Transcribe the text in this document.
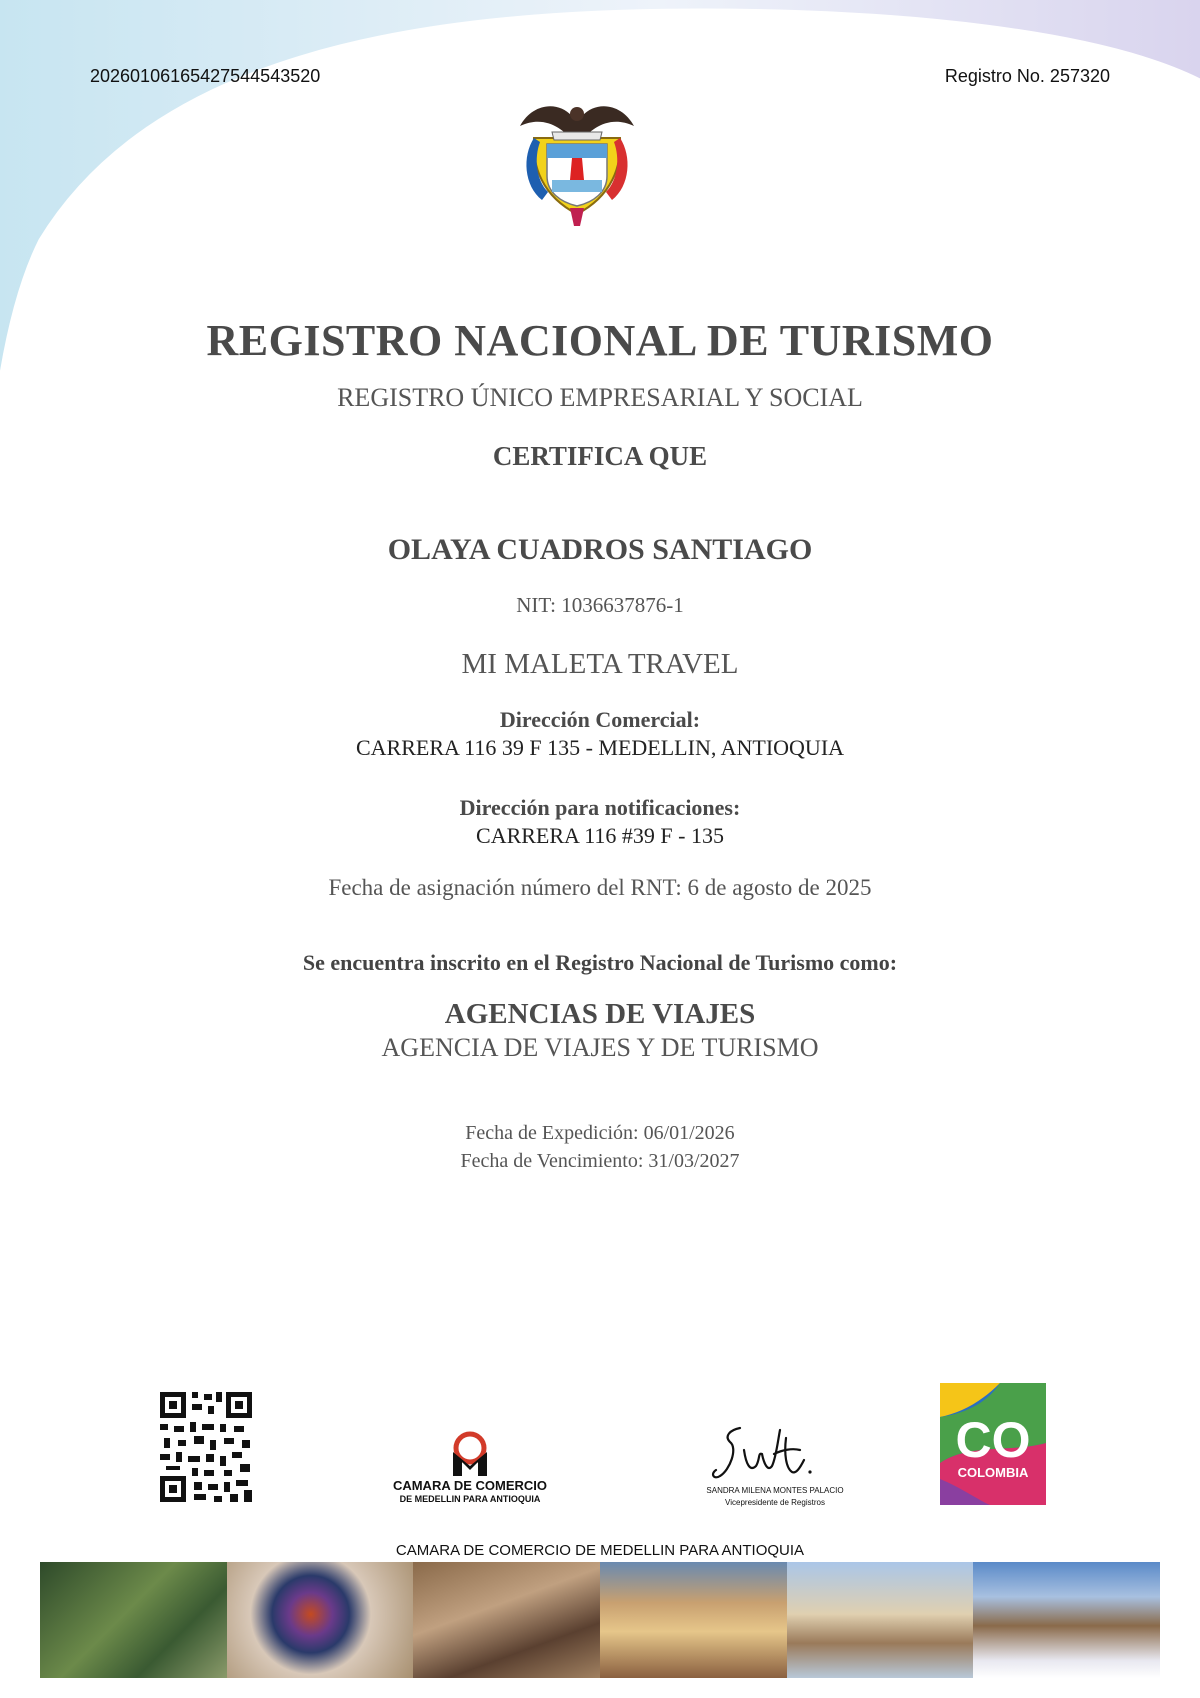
20260106165427544543520	Registro No. 257320
REGISTRO NACIONAL DE TURISMO
REGISTRO ÚNICO EMPRESARIAL Y SOCIAL
CERTIFICA QUE
OLAYA CUADROS SANTIAGO
NIT: 1036637876-1
MI MALETA TRAVEL
Dirección Comercial:
CARRERA 116 39 F 135 - MEDELLIN, ANTIOQUIA
Dirección para notificaciones:
CARRERA 116 #39 F - 135
Fecha de asignación número del RNT: 6 de agosto de 2025
Se encuentra inscrito en el Registro Nacional de Turismo como:
AGENCIAS DE VIAJES
AGENCIA DE VIAJES Y DE TURISMO
Fecha de Expedición: 06/01/2026
Fecha de Vencimiento: 31/03/2027
CAMARA DE COMERCIO
DE MEDELLIN PARA ANTIOQUIA
SANDRA MILENA MONTES PALACIO
Vicepresidente de Registros
CO
COLOMBIA
CAMARA DE COMERCIO DE MEDELLIN PARA ANTIOQUIA
